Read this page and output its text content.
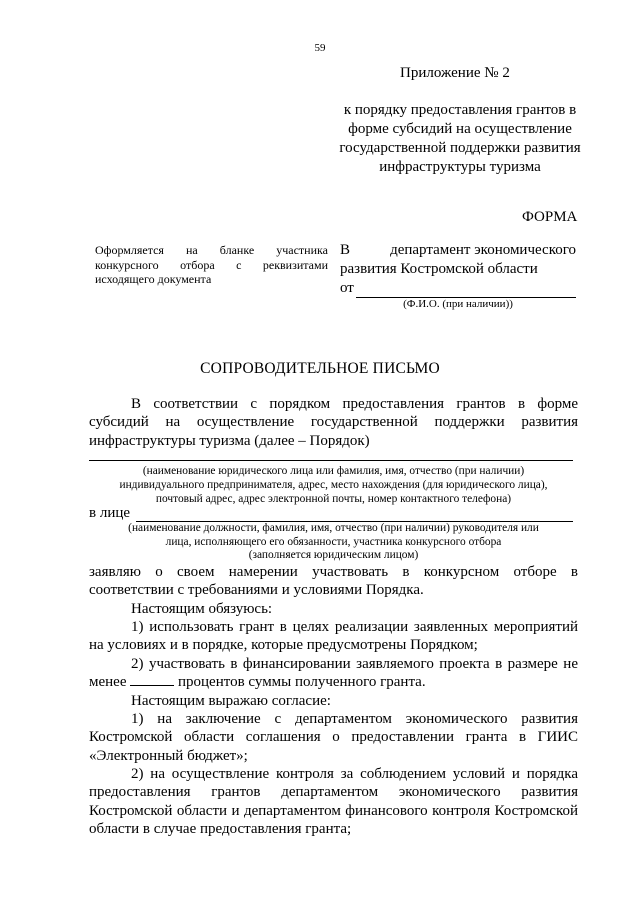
59
Приложение № 2
к порядку предоставления грантов в форме субсидий на осуществление государственной поддержки развития инфраструктуры туризма
ФОРМА
Оформляется на бланке участника конкурсного отбора с реквизитами исходящего документа
В	департамент экономического
развития Костромской области
от
(Ф.И.О. (при наличии))
СОПРОВОДИТЕЛЬНОЕ ПИСЬМО
В соответствии с порядком предоставления грантов в форме субсидий на осуществление государственной поддержки развития инфраструктуры туризма (далее – Порядок)
(наименование юридического лица или фамилия, имя, отчество (при наличии)
индивидуального предпринимателя, адрес, место нахождения (для юридического лица),
почтовый адрес, адрес электронной почты, номер контактного телефона)
в лице
(наименование должности, фамилия, имя, отчество (при наличии) руководителя или
лица, исполняющего его обязанности, участника конкурсного отбора
(заполняется юридическим лицом)
заявляю о своем намерении участвовать в конкурсном отборе в соответствии с требованиями и условиями Порядка.
Настоящим обязуюсь:
1) использовать грант в целях реализации заявленных мероприятий на условиях и в порядке, которые предусмотрены Порядком;
2) участвовать в финансировании заявляемого проекта в размере не менее	процентов суммы полученного гранта.
Настоящим выражаю согласие:
1) на заключение с департаментом экономического развития Костромской области соглашения о предоставлении гранта в ГИИС «Электронный бюджет»;
2) на осуществление контроля за соблюдением условий и порядка предоставления грантов департаментом экономического развития Костромской области и департаментом финансового контроля Костромской области в случае предоставления гранта;
